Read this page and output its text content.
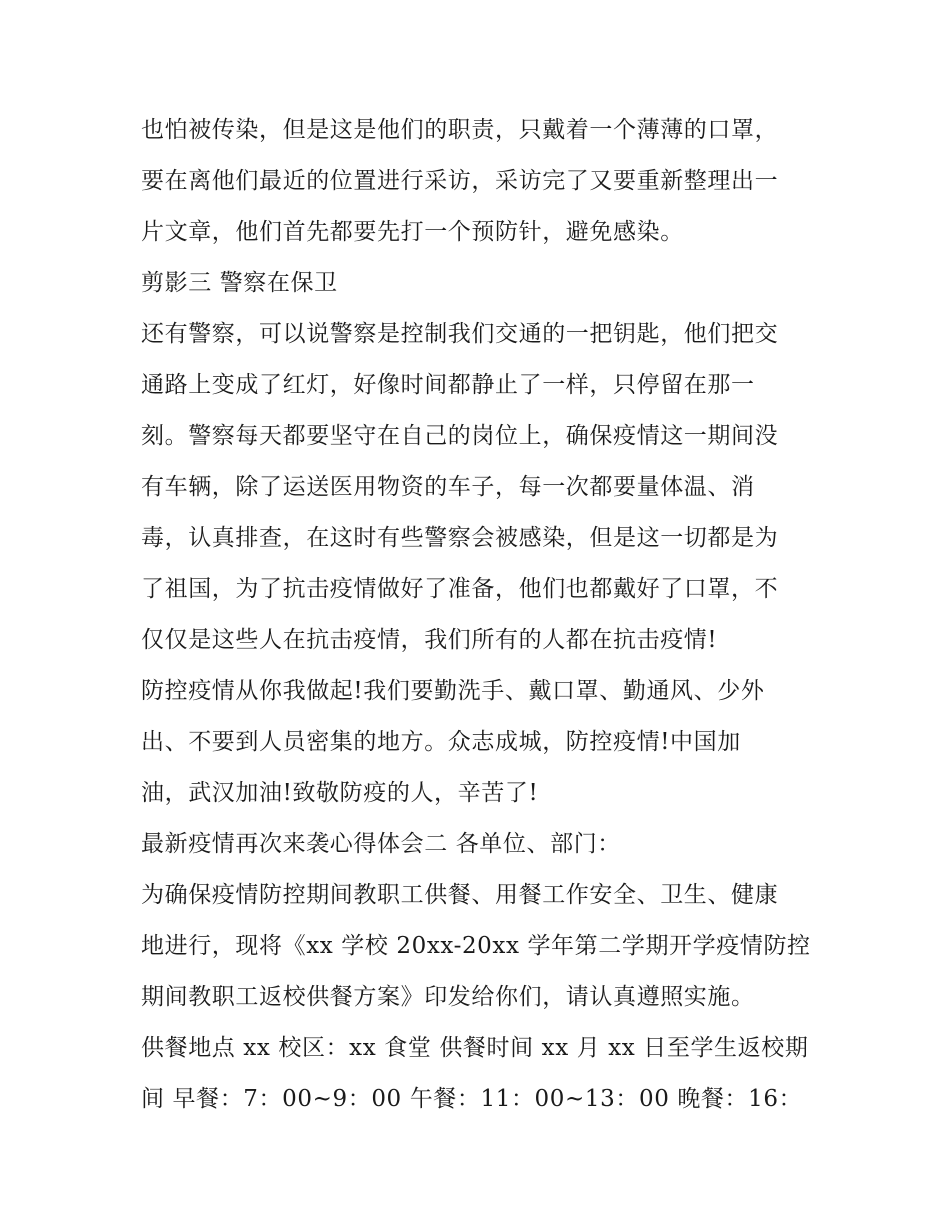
也怕被传染，但是这是他们的职责，只戴着一个薄薄的口罩，
要在离他们最近的位置进行采访，采访完了又要重新整理出一
片文章，他们首先都要先打一个预防针，避免感染。
剪影三 警察在保卫
还有警察，可以说警察是控制我们交通的一把钥匙，他们把交
通路上变成了红灯，好像时间都静止了一样，只停留在那一
刻。警察每天都要坚守在自己的岗位上，确保疫情这一期间没
有车辆，除了运送医用物资的车子，每一次都要量体温、消
毒，认真排查，在这时有些警察会被感染，但是这一切都是为
了祖国，为了抗击疫情做好了准备，他们也都戴好了口罩，不
仅仅是这些人在抗击疫情，我们所有的人都在抗击疫情!
防控疫情从你我做起!我们要勤洗手、戴口罩、勤通风、少外
出、不要到人员密集的地方。众志成城，防控疫情!中国加
油，武汉加油!致敬防疫的人，辛苦了!
最新疫情再次来袭心得体会二 各单位、部门：
为确保疫情防控期间教职工供餐、用餐工作安全、卫生、健康
地进行，现将《xx 学校 20xx-20xx 学年第二学期开学疫情防控
期间教职工返校供餐方案》印发给你们，请认真遵照实施。
供餐地点 xx 校区：xx 食堂 供餐时间 xx 月 xx 日至学生返校期
间 早餐：7：00~9：00 午餐：11：00~13：00 晚餐：16：
